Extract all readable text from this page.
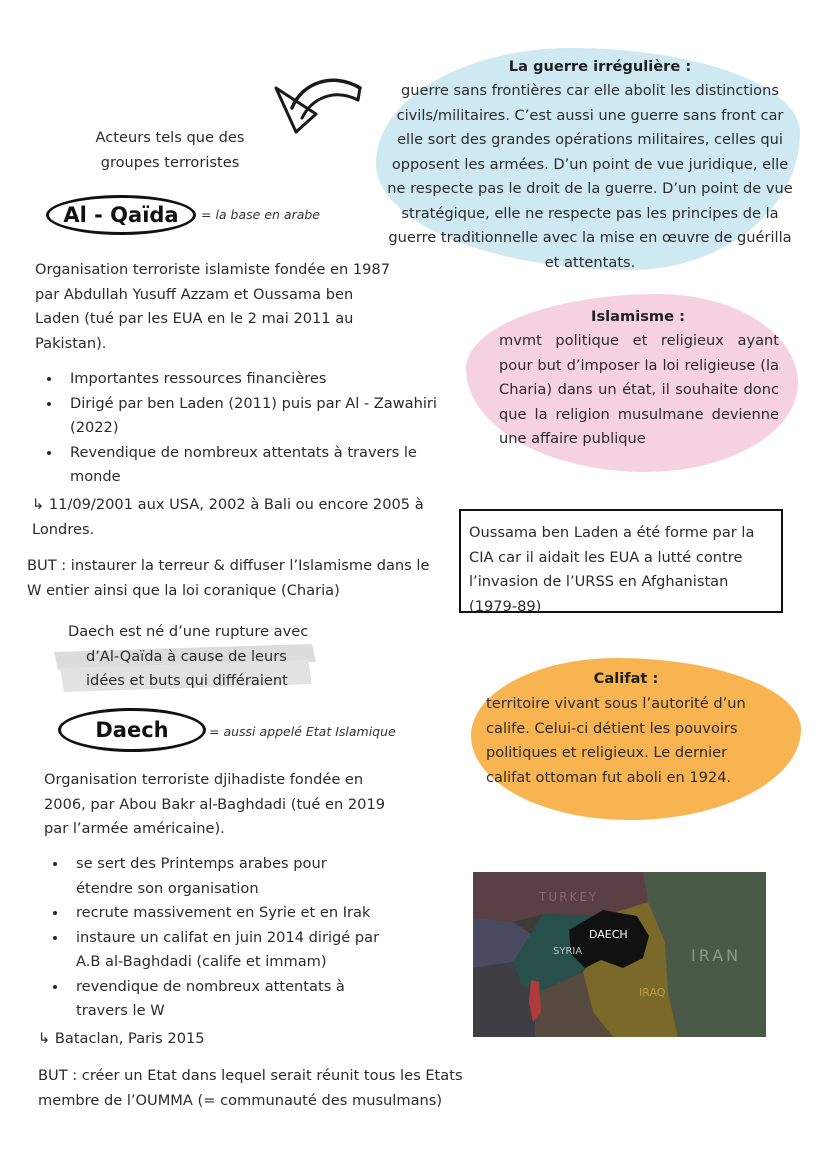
La guerre irrégulière :
guerre sans frontières car elle abolit les distinctions civils/militaires. C’est aussi une guerre sans front car elle sort des grandes opérations militaires, celles qui opposent les armées. D’un point de vue juridique, elle ne respecte pas le droit de la guerre. D’un point de vue stratégique, elle ne respecte pas les principes de la guerre traditionnelle avec la mise en œuvre de guérilla et attentats.
Acteurs tels que des
groupes terroristes
Al - Qaïda	= la base en arabe
Organisation terroriste islamiste fondée en 1987 par Abdullah Yusuff Azzam et Oussama ben Laden (tué par les EUA en le 2 mai 2011 au Pakistan).
• Importantes ressources financières
• Dirigé par ben Laden (2011) puis par Al - Zawahiri (2022)
• Revendique de nombreux attentats à travers le monde
↳ 11/09/2001 aux USA, 2002 à Bali ou encore 2005 à Londres.
BUT : instaurer la terreur & diffuser l’Islamisme dans le W entier ainsi que la loi coranique (Charia)
Islamisme :
mvmt politique et religieux ayant pour but d’imposer la loi religieuse (la Charia) dans un état, il souhaite donc que la religion musulmane devienne une affaire publique
Oussama ben Laden a été forme par la CIA car il aidait les EUA a lutté contre l’invasion de l’URSS en Afghanistan (1979-89)
Daech est né d’une rupture avec
d’Al-Qaïda à cause de leurs
idées et buts qui différaient
Daech	= aussi appelé Etat Islamique
Organisation terroriste djihadiste fondée en 2006, par Abou Bakr al-Baghdadi (tué en 2019 par l’armée américaine).
• se sert des Printemps arabes pour étendre son organisation
• recrute massivement en Syrie et en Irak
• instaure un califat en juin 2014 dirigé par A.B al-Baghdadi (calife et immam)
• revendique de nombreux attentats à travers le W
↳ Bataclan, Paris 2015
BUT : créer un Etat dans lequel serait réunit tous les Etats membre de l’OUMMA (= communauté des musulmans)
Califat :
territoire vivant sous l’autorité d’un calife. Celui-ci détient les pouvoirs politiques et religieux. Le dernier califat ottoman fut aboli en 1924.
TURKEY
SYRIA
DAECH
IRAN
IRAQ
